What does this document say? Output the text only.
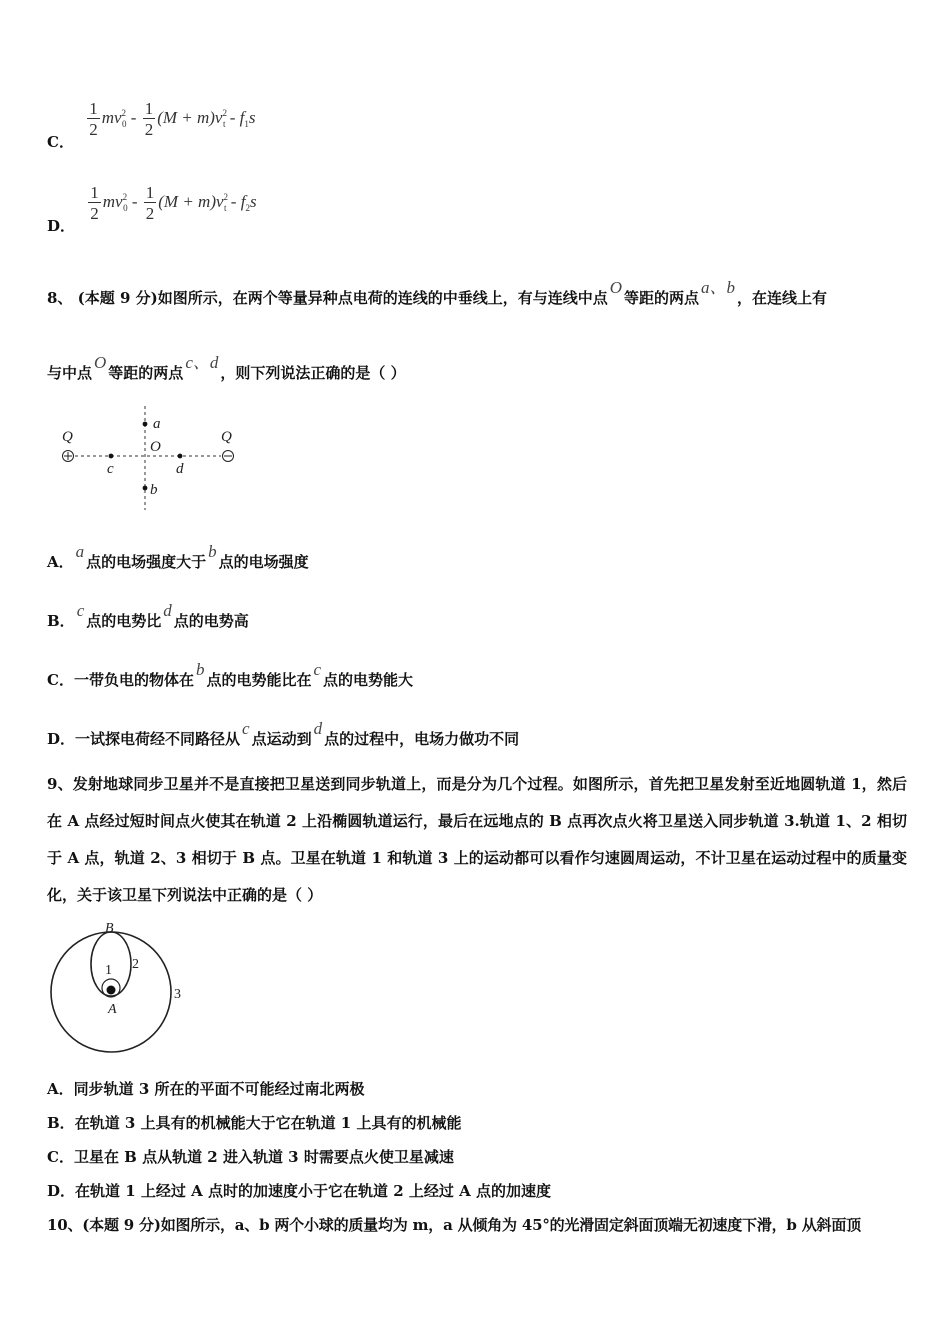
C．
$\frac{1}{2} mv^2_0 - \frac{1}{2} (M + m)v^2_t - f_1s$
D．
$\frac{1}{2} mv^2_0 - \frac{1}{2} (M + m)v^2_t - f_2s$
8、 (本题 9 分)如图所示，在两个等量异种点电荷的连线的中垂线上，有与连线中点O等距的两点a、b，在连线上有
与中点O等距的两点c、d，则下列说法正确的是（ ）
Q	Q
a
O
c	d
b
A．a点的电场强度大于b点的电场强度
B．c点的电势比d点的电势高
C．一带负电的物体在b点的电势能比在c点的电势能大
D．一试探电荷经不同路径从c点运动到d点的过程中，电场力做功不同
9、发射地球同步卫星并不是直接把卫星送到同步轨道上，而是分为几个过程。如图所示，首先把卫星发射至近地圆轨道 1，然后在 A 点经过短时间点火使其在轨道 2 上沿椭圆轨道运行，最后在远地点的 B 点再次点火将卫星送入同步轨道 3.轨道 1、2 相切于 A 点，轨道 2、3 相切于 B 点。卫星在轨道 1 和轨道 3 上的运动都可以看作匀速圆周运动，不计卫星在运动过程中的质量变化，关于该卫星下列说法中正确的是（ ）
B
A
1 2
3
A．同步轨道 3 所在的平面不可能经过南北两极
B．在轨道 3 上具有的机械能大于它在轨道 1 上具有的机械能
C．卫星在 B 点从轨道 2 进入轨道 3 时需要点火使卫星减速
D．在轨道 1 上经过 A 点时的加速度小于它在轨道 2 上经过 A 点的加速度
10、(本题 9 分)如图所示，a、b 两个小球的质量均为 m，a 从倾角为 45°的光滑固定斜面顶端无初速度下滑，b 从斜面顶
